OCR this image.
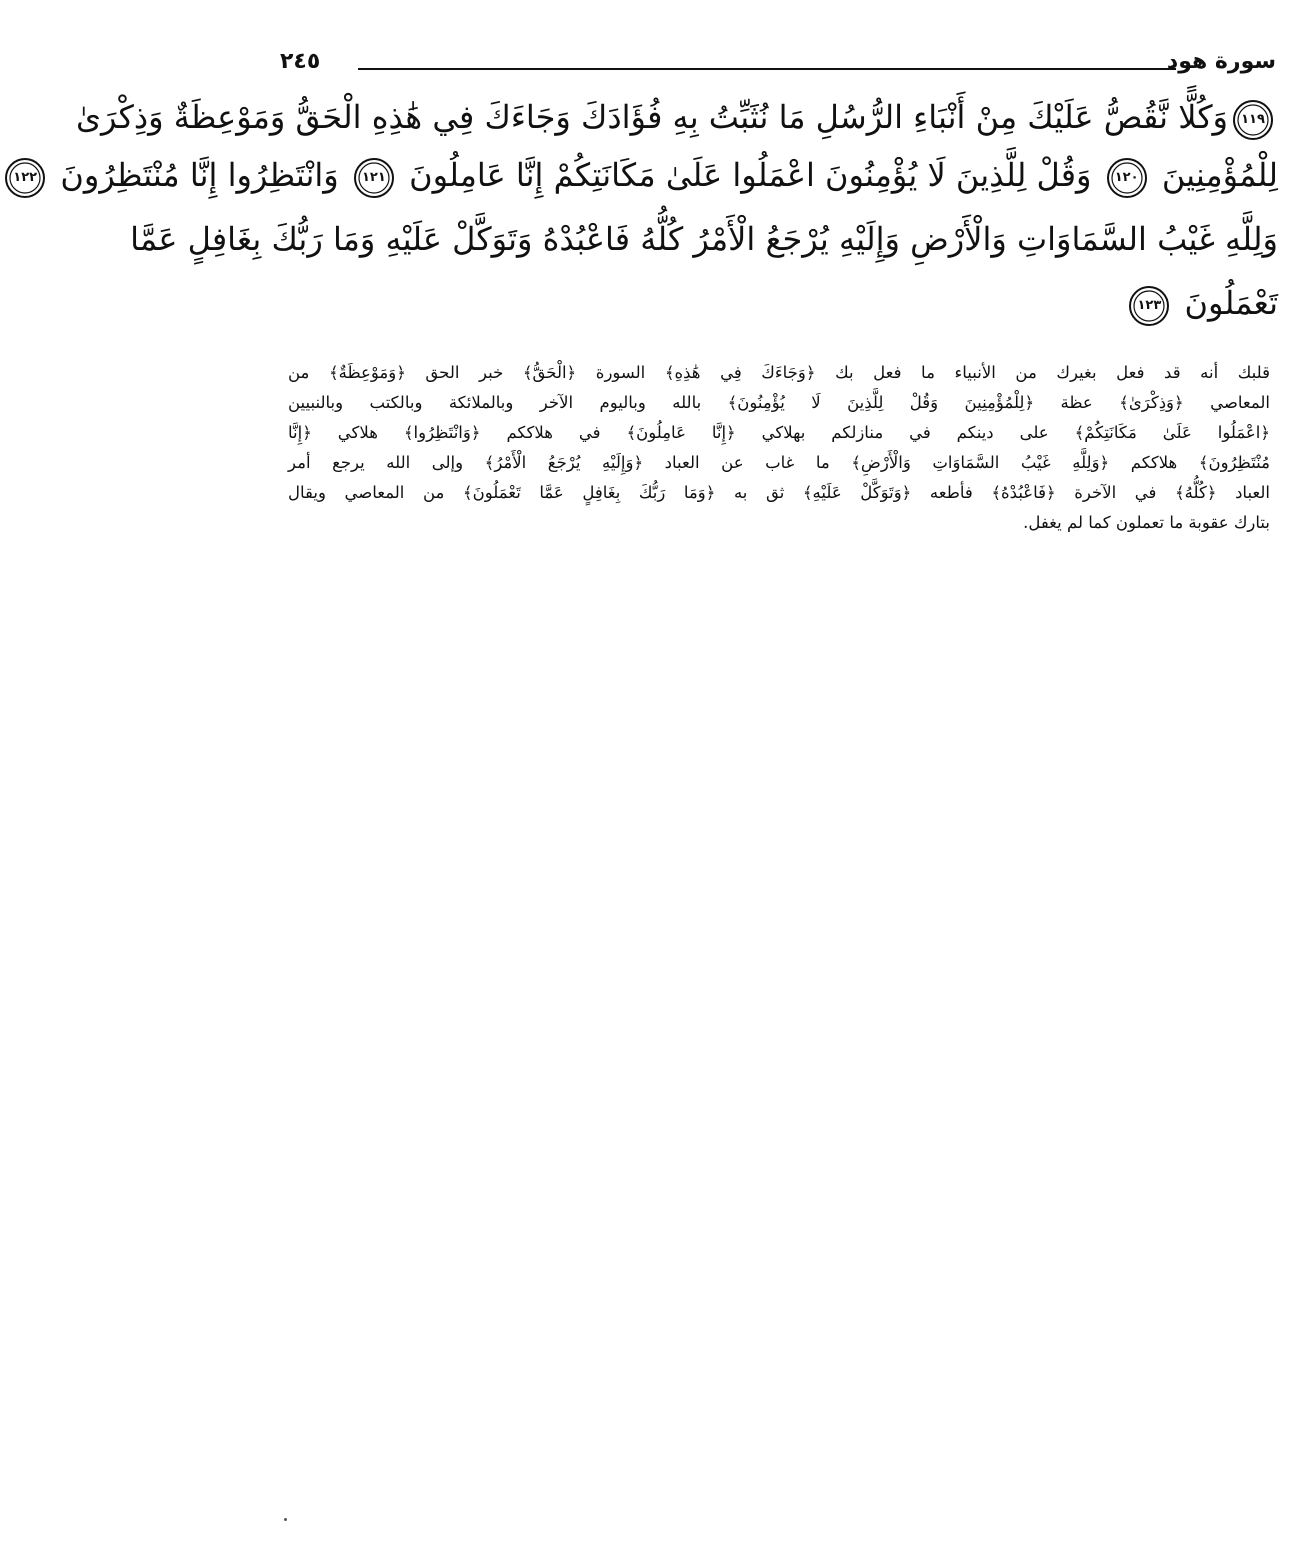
سورة هود
٢٤٥
١١٩
وَكُلًّا نَّقُصُّ عَلَيْكَ مِنْ أَنْبَاءِ الرُّسُلِ مَا نُثَبِّتُ بِهِ فُؤَادَكَ وَجَاءَكَ فِي هَٰذِهِ الْحَقُّ وَمَوْعِظَةٌ وَذِكْرَىٰ
لِلْمُؤْمِنِينَ
١٢٠
وَقُلْ لِلَّذِينَ لَا يُؤْمِنُونَ اعْمَلُوا عَلَىٰ مَكَانَتِكُمْ إِنَّا عَامِلُونَ
١٢١
وَانْتَظِرُوا إِنَّا مُنْتَظِرُونَ
١٢٢
وَلِلَّهِ غَيْبُ السَّمَاوَاتِ وَالْأَرْضِ وَإِلَيْهِ يُرْجَعُ الْأَمْرُ كُلُّهُ فَاعْبُدْهُ وَتَوَكَّلْ عَلَيْهِ وَمَا رَبُّكَ بِغَافِلٍ عَمَّا
تَعْمَلُونَ
١٢٣
قلبك أنه قد فعل بغيرك من الأنبياء ما فعل بك ﴿وَجَاءَكَ فِي هَٰذِهِ﴾ السورة ﴿الْحَقُّ﴾ خبر الحق ﴿وَمَوْعِظَةٌ﴾ من
المعاصي ﴿وَذِكْرَىٰ﴾ عظة ﴿لِلْمُؤْمِنِينَ وَقُلْ لِلَّذِينَ لَا يُؤْمِنُونَ﴾ بالله وباليوم الآخر وبالملائكة وبالكتب وبالنبيين
﴿اعْمَلُوا عَلَىٰ مَكَانَتِكُمْ﴾ على دينكم في منازلكم بهلاكي ﴿إِنَّا عَامِلُونَ﴾ في هلاككم ﴿وَانْتَظِرُوا﴾ هلاكي ﴿إِنَّا
مُنْتَظِرُونَ﴾ هلاككم ﴿وَلِلَّهِ غَيْبُ السَّمَاوَاتِ وَالْأَرْضِ﴾ ما غاب عن العباد ﴿وَإِلَيْهِ يُرْجَعُ الْأَمْرُ﴾ وإلى الله يرجع أمر
العباد ﴿كُلُّهُ﴾ في الآخرة ﴿فَاعْبُدْهُ﴾ فأطعه ﴿وَتَوَكَّلْ عَلَيْهِ﴾ ثق به ﴿وَمَا رَبُّكَ بِغَافِلٍ عَمَّا تَعْمَلُونَ﴾ من المعاصي ويقال
بتارك عقوبة ما تعملون كما لم يغفل.
